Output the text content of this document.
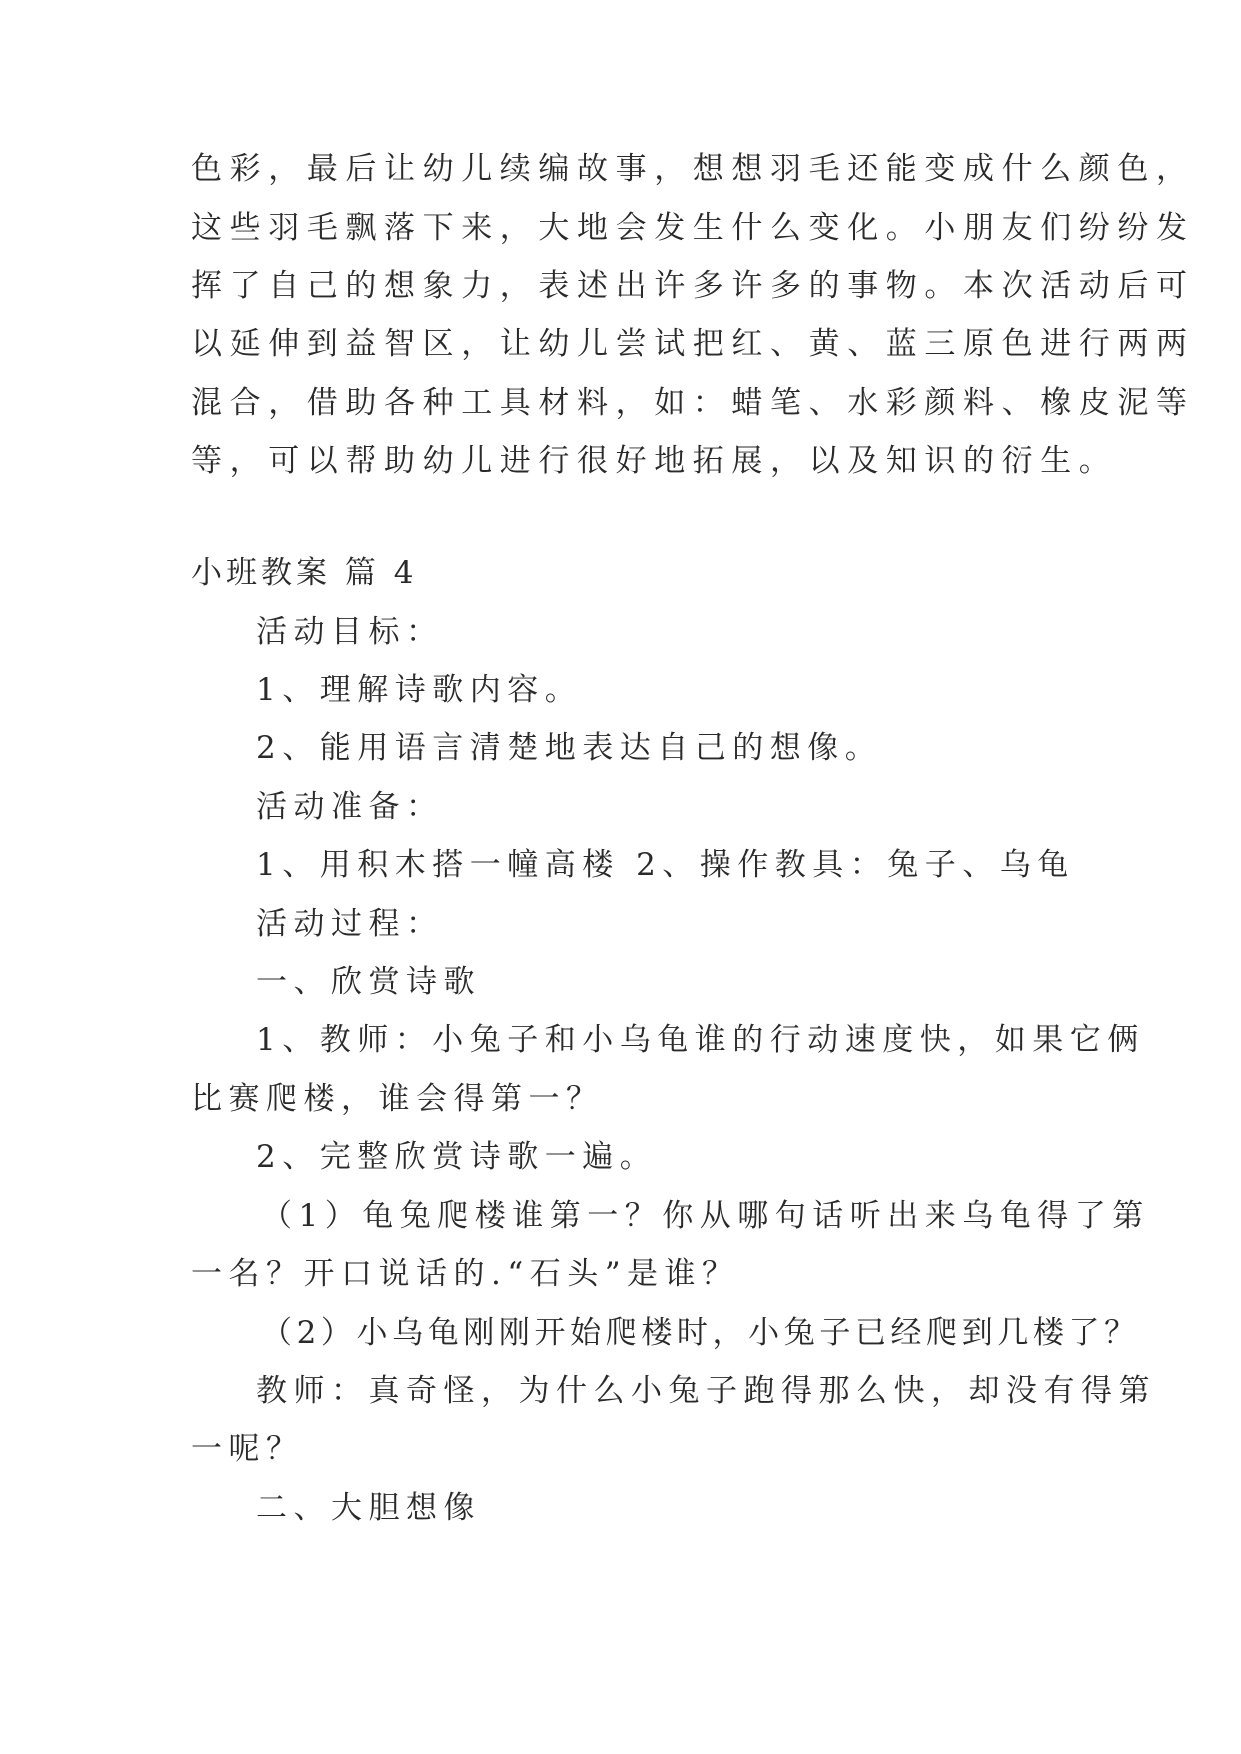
色彩，最后让幼儿续编故事，想想羽毛还能变成什么颜色，
这些羽毛飘落下来，大地会发生什么变化。小朋友们纷纷发
挥了自己的想象力，表述出许多许多的事物。本次活动后可
以延伸到益智区，让幼儿尝试把红、黄、蓝三原色进行两两
混合，借助各种工具材料，如：蜡笔、水彩颜料、橡皮泥等
等，可以帮助幼儿进行很好地拓展，以及知识的衍生。
小班教案 篇 4
活动目标：
1、理解诗歌内容。
2、能用语言清楚地表达自己的想像。
活动准备：
1、用积木搭一幢高楼 2、操作教具：兔子、乌龟
活动过程：
一、欣赏诗歌
1、教师：小兔子和小乌龟谁的行动速度快，如果它俩
比赛爬楼，谁会得第一？
2、完整欣赏诗歌一遍。
（1）龟兔爬楼谁第一？你从哪句话听出来乌龟得了第
一名？开口说话的.“石头”是谁？
（2）小乌龟刚刚开始爬楼时，小兔子已经爬到几楼了？
教师：真奇怪，为什么小兔子跑得那么快，却没有得第
一呢？
二、大胆想像
